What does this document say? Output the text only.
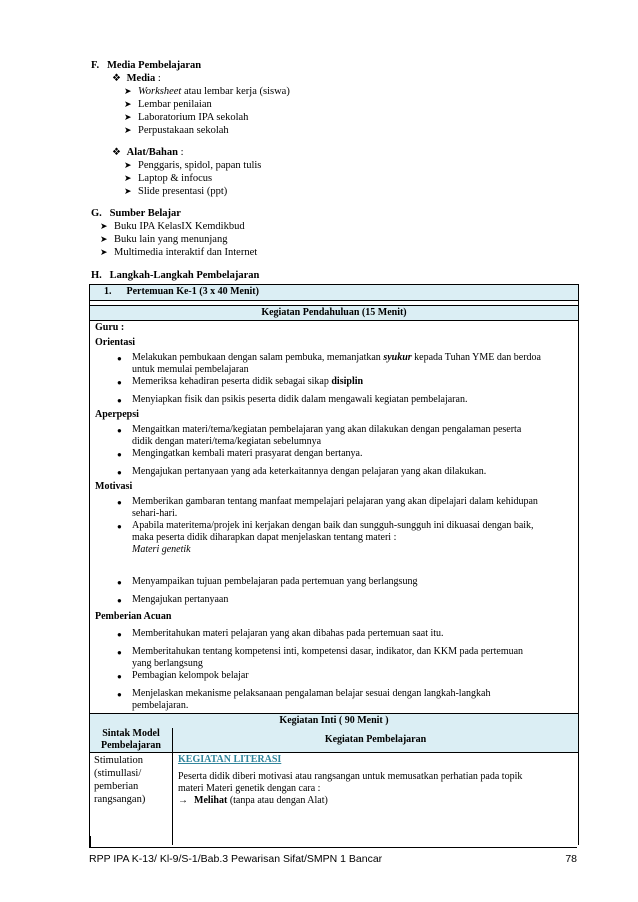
F.   Media Pembelajaran
❖ Media :
➤ Worksheet atau lembar kerja (siswa)
➤ Lembar penilaian
➤ Laboratorium IPA sekolah
➤ Perpustakaan sekolah
❖ Alat/Bahan :
➤ Penggaris, spidol, papan tulis
➤ Laptop & infocus
➤ Slide presentasi (ppt)
G.   Sumber Belajar
➤ Buku IPA KelasIX Kemdikbud
➤ Buku lain yang menunjang
➤ Multimedia interaktif dan Internet
H.   Langkah-Langkah Pembelajaran
1.      Pertemuan Ke-1 (3 x 40 Menit)
Kegiatan Pendahuluan (15 Menit)
Guru :
Orientasi
● Melakukan pembukaan dengan salam pembuka, memanjatkan syukur kepada Tuhan YME dan berdoa
untuk memulai pembelajaran
● Memeriksa kehadiran peserta didik sebagai sikap disiplin
● Menyiapkan fisik dan psikis peserta didik dalam mengawali kegiatan pembelajaran.
Aperpepsi
● Mengaitkan materi/tema/kegiatan pembelajaran yang akan dilakukan dengan pengalaman peserta
didik dengan materi/tema/kegiatan sebelumnya
● Mengingatkan kembali materi prasyarat dengan bertanya.
● Mengajukan pertanyaan yang ada keterkaitannya dengan pelajaran yang akan dilakukan.
Motivasi
● Memberikan gambaran tentang manfaat mempelajari pelajaran yang akan dipelajari dalam kehidupan
sehari-hari.
● Apabila materitema/projek ini kerjakan dengan baik dan sungguh-sungguh ini dikuasai dengan baik,
maka peserta didik diharapkan dapat menjelaskan tentang materi :
Materi genetik
● Menyampaikan tujuan pembelajaran pada pertemuan yang berlangsung
● Mengajukan pertanyaan
Pemberian Acuan
● Memberitahukan materi pelajaran yang akan dibahas pada pertemuan saat itu.
● Memberitahukan tentang kompetensi inti, kompetensi dasar, indikator, dan KKM pada pertemuan
yang berlangsung
● Pembagian kelompok belajar
● Menjelaskan mekanisme pelaksanaan pengalaman belajar sesuai dengan langkah-langkah
pembelajaran.
Kegiatan Inti ( 90 Menit )
Sintak Model
Pembelajaran
Kegiatan Pembelajaran
Stimulation
(stimullasi/
pemberian
rangsangan)
KEGIATAN LITERASI
Peserta didik diberi motivasi atau rangsangan untuk memusatkan perhatian pada topik
materi Materi genetik dengan cara :
→ Melihat (tanpa atau dengan Alat)
RPP IPA K-13/ Kl-9/S-1/Bab.3 Pewarisan Sifat/SMPN 1 Bancar	78
